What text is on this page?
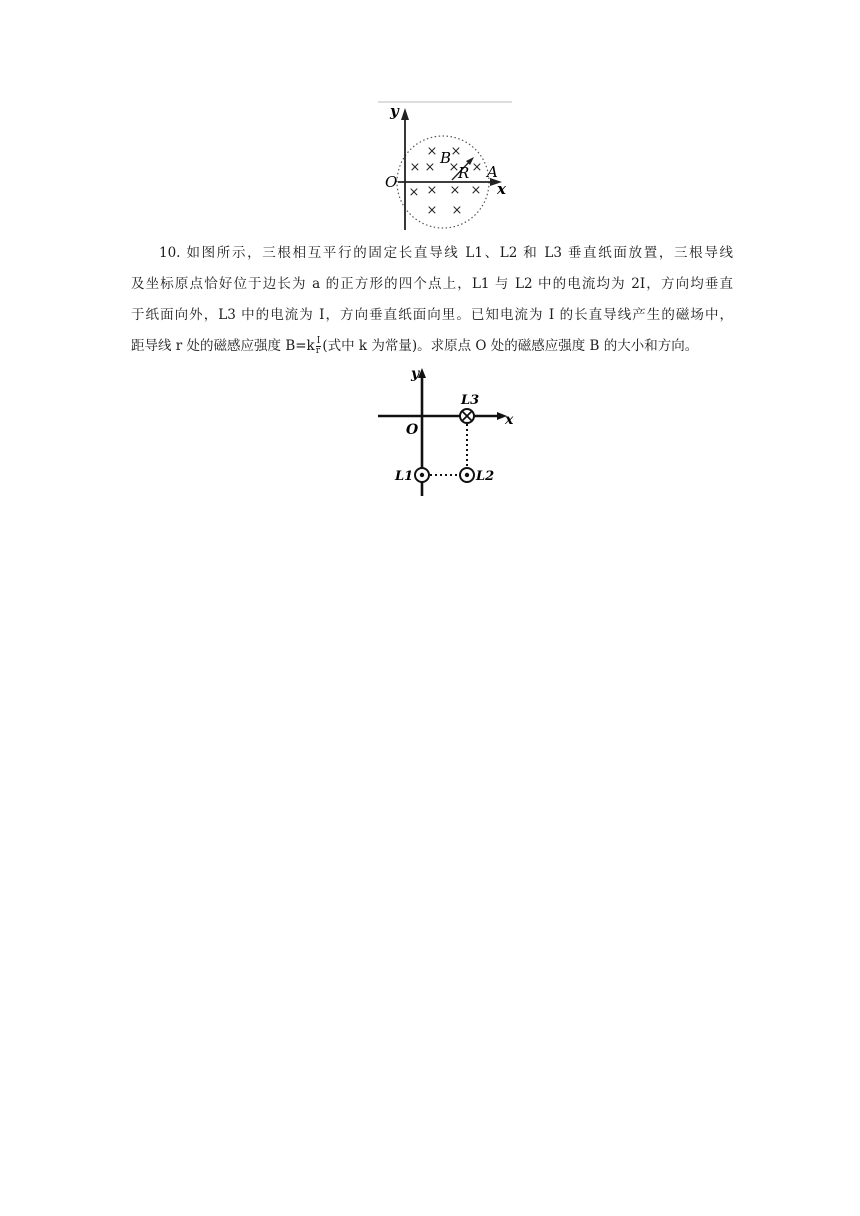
× ×
× × × ×
× × × ×
× ×
y
x
O
B
R A
10. 如图所示，三根相互平行的固定长直导线 L1、L2 和 L3 垂直纸面放置，三根导线
及坐标原点恰好位于边长为 a 的正方形的四个点上，L1 与 L2 中的电流均为 2I，方向均垂直
于纸面向外，L3 中的电流为 I，方向垂直纸面向里。已知电流为 I 的长直导线产生的磁场中，
距导线 r 处的磁感应强度 $B=k \frac{I}{r}$ (式中 k 为常量)。求原点 O 处的磁感应强度 B 的大小和方向。
y
x
O
L3
L1	L2
